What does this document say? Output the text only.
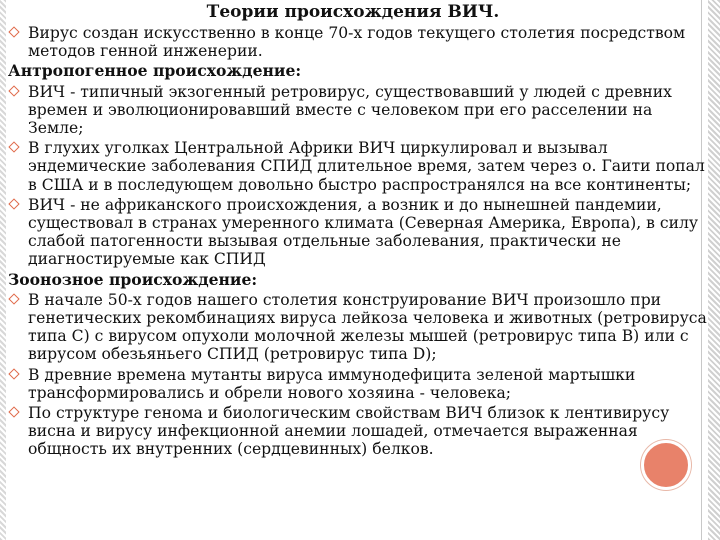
Теории происхождения ВИЧ.
Вирус создан искусственно в конце 70-х годов текущего столетия посредством методов генной инженерии.
Антропогенное происхождение:
ВИЧ - типичный экзогенный ретровирус, существовавший у людей с древних времен и эволюционировавший вместе с человеком при его расселении на Земле;
В глухих уголках Центральной Африки ВИЧ циркулировал и вызывал эндемические заболевания СПИД длительное время, затем через о. Гаити попал в США и в последующем довольно быстро распространялся на все континенты;
ВИЧ - не африканского происхождения, а возник и до нынешней пандемии, существовал в странах умеренного климата (Северная Америка, Европа), в силу слабой патогенности вызывая отдельные заболевания, практически не диагностируемые как СПИД
Зоонозное происхождение:
В начале 50-х годов нашего столетия конструирование ВИЧ произошло при генетических рекомбинациях вируса лейкоза человека и животных (ретровируса типа С) с вирусом опухоли молочной железы мышей (ретровирус типа В) или с вирусом обезьяньего СПИД (ретровирус типа D);
В древние времена мутанты вируса иммунодефицита зеленой мартышки трансформировались и обрели нового хозяина - человека;
По структуре генома и биологическим свойствам ВИЧ близок к лентивирусу висна и вирусу инфекционной анемии лошадей, отмечается выраженная общность их внутренних (сердцевинных) белков.
